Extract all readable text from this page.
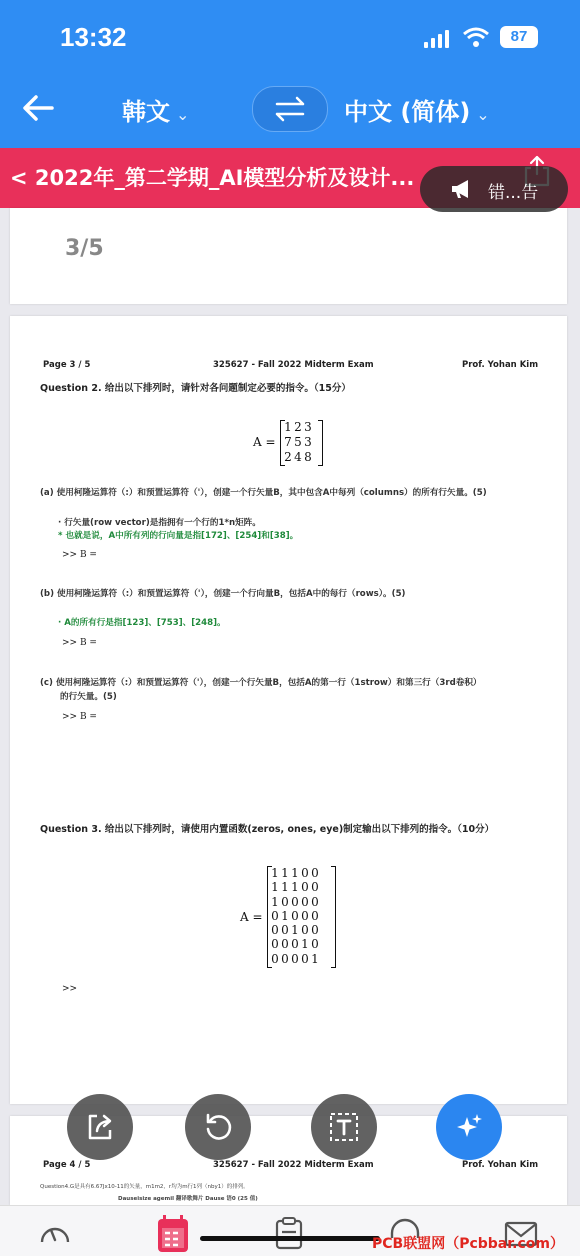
13:32	87
韩文 ⌄	中文 (简体) ⌄
< 2022年_第二学期_AI模型分析及设计...
错...告
3/5
Page 3 / 5	325627 - Fall 2022 Midterm Exam	Prof. Yohan Kim
Question 2. 给出以下排列时，请针对各问题制定必要的指令。（15分）
A =
1 2 3
7 5 3
2 4 8
(a) 使用柯隆运算符（:）和预置运算符（'），创建一个行矢量B，其中包含A中每列（columns）的所有行矢量。(5)
· 行矢量(row vector)是指拥有一个行的1*n矩阵。
* 也就是说，A中所有列的行向量是指[172]、[254]和[38]。
>> B =
(b) 使用柯隆运算符（:）和预置运算符（'），创建一个行向量B，包括A中的每行（rows）。(5)
· A的所有行是指[123]、[753]、[248]。
>> B =
(c) 使用柯隆运算符（:）和预置运算符（'），创建一个行矢量B，包括A的第一行（1strow）和第三行（3rd卷积）
的行矢量。(5)
>> B =
Question 3. 给出以下排列时，请使用内置函数(zeros, ones, eye)制定输出以下排列的指令。（10分）
A =
1 1 1 0 0
1 1 1 0 0
1 0 0 0 0
0 1 0 0 0
0 0 1 0 0
0 0 0 1 0
0 0 0 0 1
>>
Page 4 / 5	325627 - Fall 2022 Midterm Exam	Prof. Yohan Kim
Question4.G是具有6.67Jx10-11的矢量，m1m2，r均为m行1列（nby1）的排列。
Dauseisize agemil 翻译歌舞片 Dause 语0 (25 值)
PCB联盟网（Pcbbar.com）
